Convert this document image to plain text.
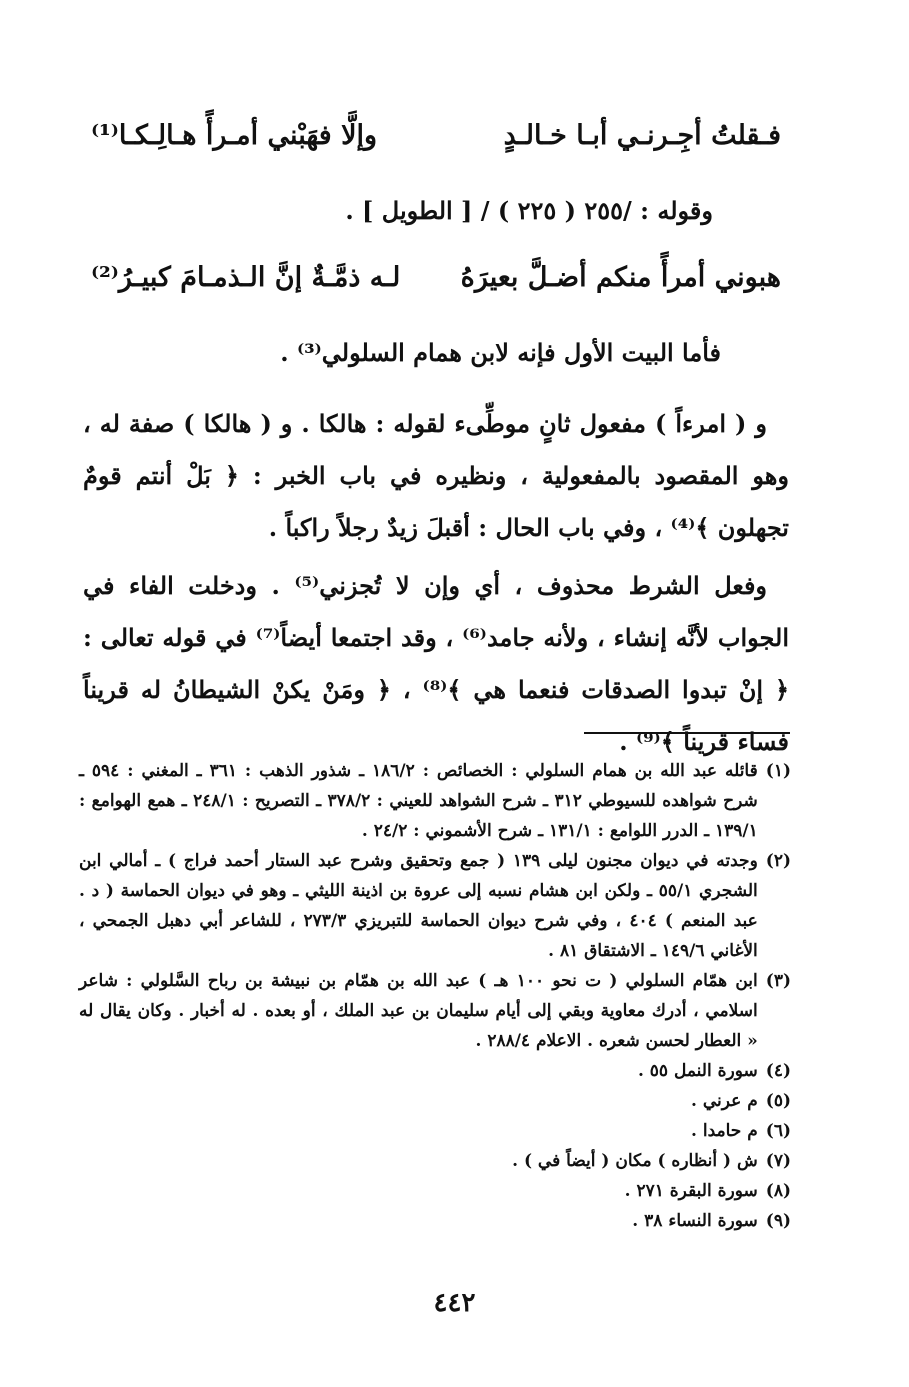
فـقلتُ أجِـرنـي أبـا خـالـدٍ
وإلَّا فهَبْني أمـرأً هـالِـكـا⁽¹⁾
وقوله : /٢٥٥ ( ٢٢٥ ) / [ الطويل ] .
هبوني أمرأً منكم أضـلَّ بعيرَهُ
لـه ذمَّـةٌ إنَّ الـذمـامَ كبيـرُ⁽²⁾
فأما البيت الأول فإنه لابن همام السلولي⁽³⁾ .
و ( امرءاً ) مفعول ثانٍ موطِّىء لقوله : هالكا . و ( هالكا ) صفة له ، وهو المقصود بالمفعولية ، ونظيره في باب الخبر : ﴿ بَلْ أنتم قومٌ تجهلون ﴾⁽⁴⁾ ، وفي باب الحال : أقبلَ زيدٌ رجلاً راكباً .
وفعل الشرط محذوف ، أي وإن لا تُجزني⁽⁵⁾ . ودخلت الفاء في الجواب لأنَّه إنشاء ، ولأنه جامد⁽⁶⁾ ، وقد اجتمعا أيضاً⁽⁷⁾ في قوله تعالى : ﴿ إنْ تبدوا الصدقات فنعما هي ﴾⁽⁸⁾ ، ﴿ ومَنْ يكنْ الشيطانُ له قريناً فساء قريناً ﴾⁽⁹⁾ .
(١)
قائله عبد الله بن همام السلولي : الخصائص : ١٨٦/٢ ـ شذور الذهب : ٣٦١ ـ المغني : ٥٩٤ ـ شرح شواهده للسيوطي ٣١٢ ـ شرح الشواهد للعيني : ٣٧٨/٢ ـ التصريح : ٢٤٨/١ ـ همع الهوامع : ١٣٩/١ ـ الدرر اللوامع : ١٣١/١ ـ شرح الأشموني : ٢٤/٢ .
(٢)
وجدته في ديوان مجنون ليلى ١٣٩ ( جمع وتحقيق وشرح عبد الستار أحمد فراج ) ـ أمالي ابن الشجري ٥٥/١ ـ ولكن ابن هشام نسبه إلى عروة بن اذينة الليثي ـ وهو في ديوان الحماسة ( د . عبد المنعم ) ٤٠٤ ، وفي شرح ديوان الحماسة للتبريزي ٢٧٣/٣ ، للشاعر أبي دهبل الجمحي ، الأغاني ١٤٩/٦ ـ الاشتقاق ٨١ .
(٣)
ابن همّام السلولي ( ت نحو ١٠٠ هـ ) عبد الله بن همّام بن نبيشة بن رباح السَّلولي : شاعر اسلامي ، أدرك معاوية وبقي إلى أيام سليمان بن عبد الملك ، أو بعده . له أخبار . وكان يقال له « العطار لحسن شعره . الاعلام ٢٨٨/٤ .
(٤)
سورة النمل ٥٥ .
(٥)
م عرني .
(٦)
م حامدا .
(٧)
ش ( أنظاره ) مكان ( أيضاً في ) .
(٨)
سورة البقرة ٢٧١ .
(٩)
سورة النساء ٣٨ .
٤٤٢
